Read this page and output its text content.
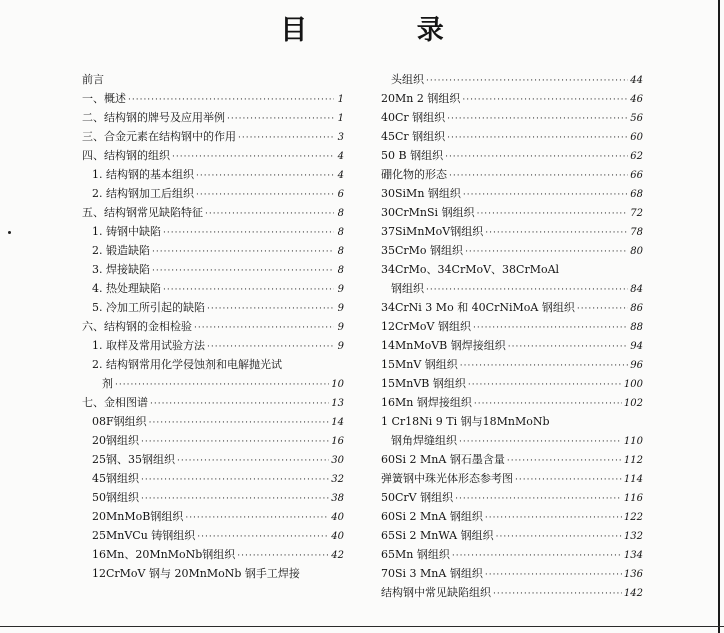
目 录
前言
一、概述 ·····	1
二、结构钢的牌号及应用举例 ·····	1
三、合金元素在结构钢中的作用 ·····	3
四、结构钢的组织 ·····	4
1. 结构钢的基本组织 ·····	4
2. 结构钢加工后组织 ·····	6
五、结构钢常见缺陷特征 ·····	8
1. 铸钢中缺陷 ·····	8
2. 锻造缺陷 ·····	8
3. 焊接缺陷 ·····	8
4. 热处理缺陷 ·····	9
5. 冷加工所引起的缺陷 ·····	9
六、结构钢的金相检验 ·····	9
1. 取样及常用试验方法 ·····	9
2. 结构钢常用化学侵蚀剂和电解抛光试
剂 ·····	10
七、金相图谱 ·····	13
08F钢组织 ·····	14
20钢组织 ·····	16
25钢、35钢组织 ·····	30
45钢组织 ·····	32
50钢组织 ·····	38
20MnMoB钢组织 ·····	40
25MnVCu 铸钢组织 ·····	40
16Mn、20MnMoNb钢组织 ·····	42
12CrMoV 钢与 20MnMoNb 钢手工焊接
头组织 ·····	44
20Mn 2 钢组织 ·····	46
40Cr 钢组织 ·····	56
45Cr 钢组织 ·····	60
50 B 钢组织 ·····	62
硼化物的形态 ·····	66
30SiMn 钢组织 ·····	68
30CrMnSi 钢组织 ·····	72
37SiMnMoV钢组织 ·····	78
35CrMo 钢组织 ·····	80
34CrMo、34CrMoV、38CrMoAl
钢组织 ·····	84
34CrNi 3 Mo 和 40CrNiMoA 钢组织 ·····	86
12CrMoV 钢组织 ·····	88
14MnMoVB 钢焊接组织 ·····	94
15MnV 钢组织 ·····	96
15MnVB 钢组织 ·····	100
16Mn 钢焊接组织 ·····	102
1 Cr18Ni 9 Ti 钢与18MnMoNb
钢角焊缝组织 ·····	110
60Si 2 MnA 钢石墨含量 ·····	112
弹簧钢中珠光体形态参考图 ·····	114
50CrV 钢组织 ·····	116
60Si 2 MnA 钢组织 ·····	122
65Si 2 MnWA 钢组织 ·····	132
65Mn 钢组织 ·····	134
70Si 3 MnA 钢组织 ·····	136
结构钢中常见缺陷组织 ·····	142
